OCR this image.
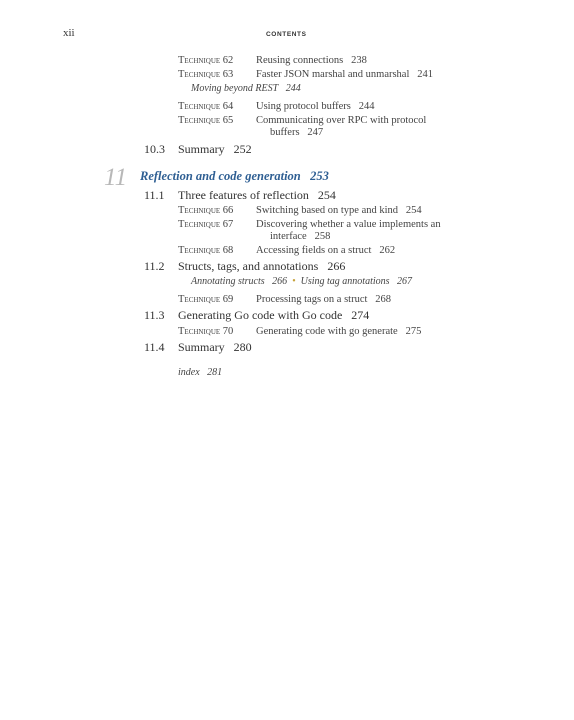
xii	CONTENTS
Technique 62 Reusing connections 238
Technique 63 Faster JSON marshal and unmarshal 241
Moving beyond REST 244
Technique 64 Using protocol buffers 244
Technique 65 Communicating over RPC with protocol
buffers 247
10.3 Summary 252
11 Reflection and code generation 253
11.1 Three features of reflection 254
Technique 66 Switching based on type and kind 254
Technique 67 Discovering whether a value implements an
interface 258
Technique 68 Accessing fields on a struct 262
11.2 Structs, tags, and annotations 266
Annotating structs 266 • Using tag annotations 267
Technique 69 Processing tags on a struct 268
11.3 Generating Go code with Go code 274
Technique 70 Generating code with go generate 275
11.4 Summary 280
index 281
